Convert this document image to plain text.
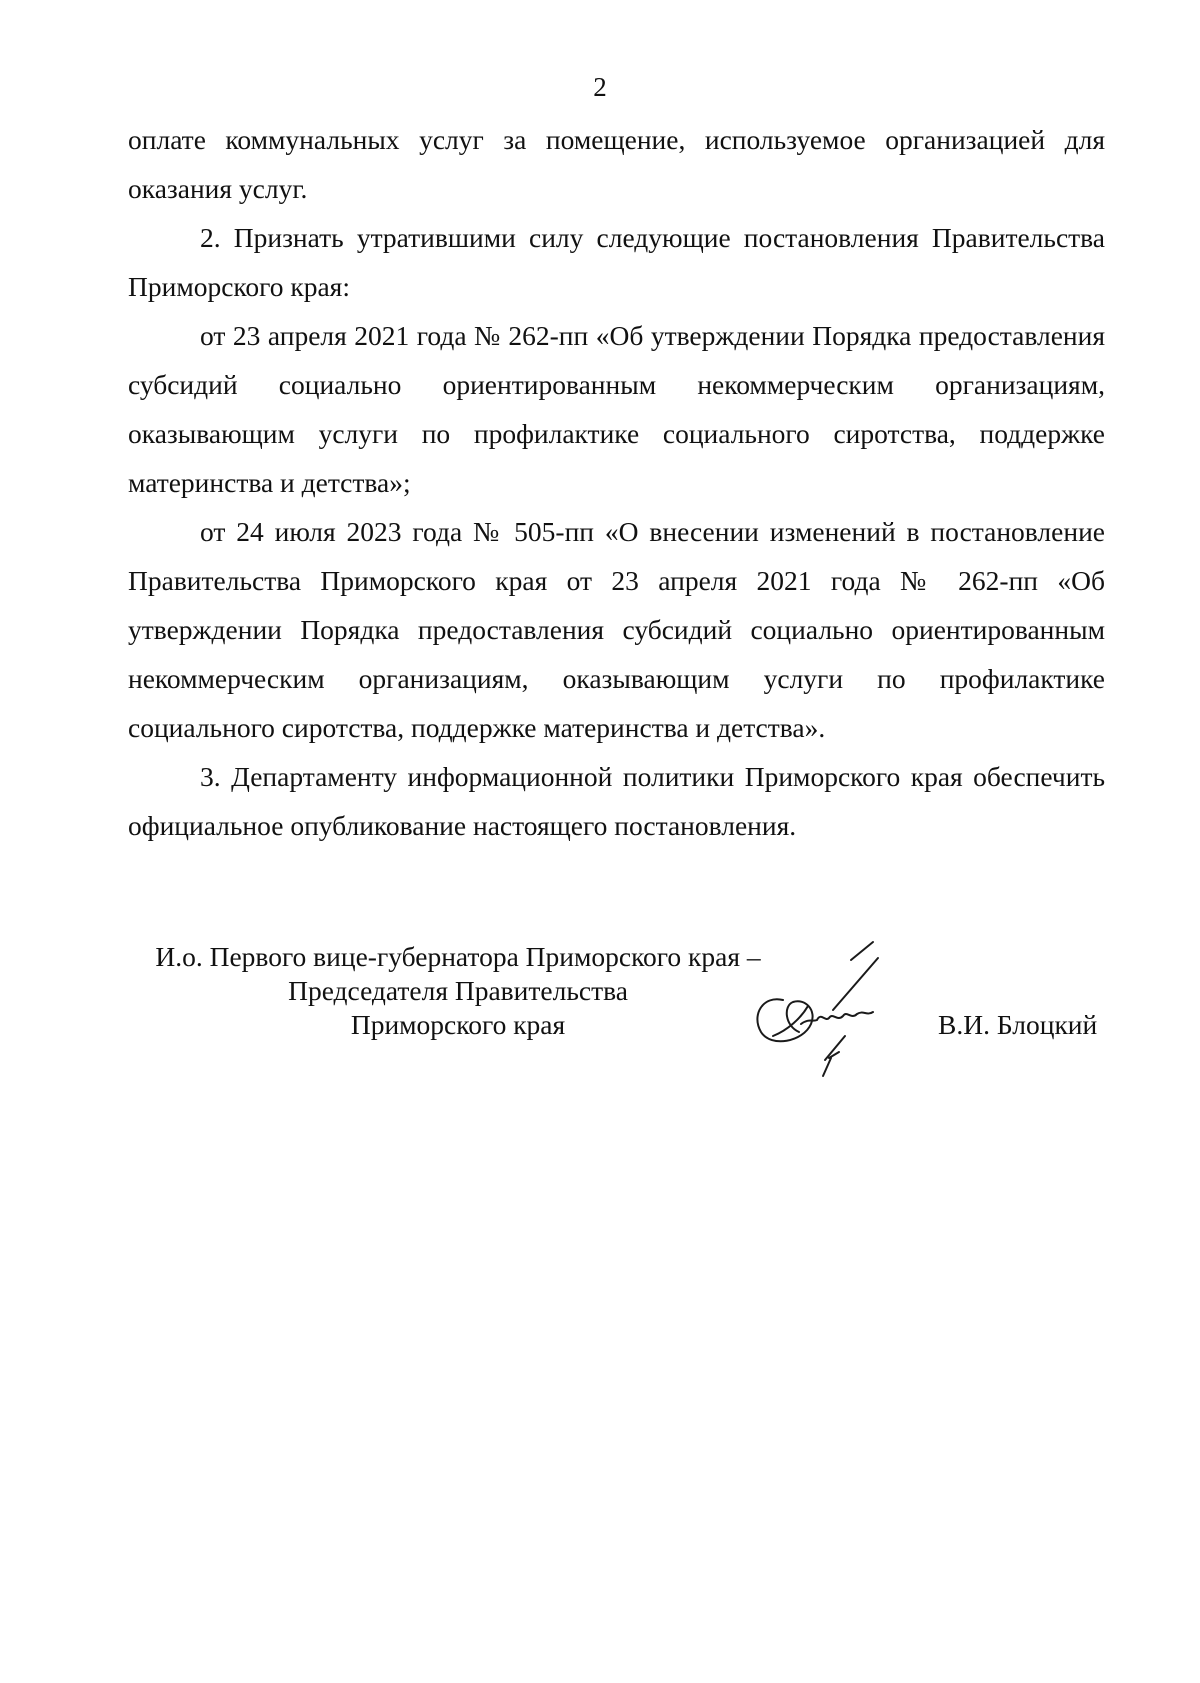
2

оплате коммунальных услуг за помещение, используемое организацией для оказания услуг.

2. Признать утратившими силу следующие постановления Правительства Приморского края:

от 23 апреля 2021 года № 262-пп «Об утверждении Порядка предоставления субсидий социально ориентированным некоммерческим организациям, оказывающим услуги по профилактике социального сиротства, поддержке материнства и детства»;

от 24 июля 2023 года № 505-пп «О внесении изменений в постановление Правительства Приморского края от 23 апреля 2021 года № 262-пп «Об утверждении Порядка предоставления субсидий социально ориентированным некоммерческим организациям, оказывающим услуги по профилактике социального сиротства, поддержке материнства и детства».

3. Департаменту информационной политики Приморского края обеспечить официальное опубликование настоящего постановления.

И.о. Первого вице-губернатора Приморского края –
Председателя Правительства
Приморского края	В.И. Блоцкий
